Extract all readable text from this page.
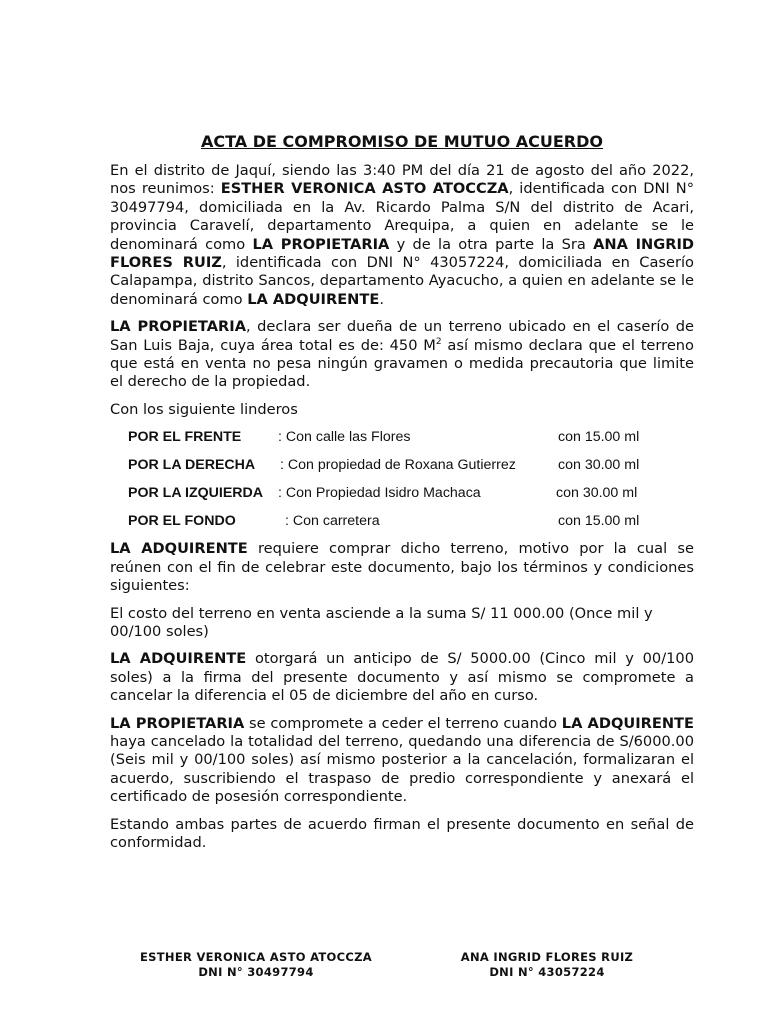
ACTA DE COMPROMISO DE MUTUO ACUERDO

En el distrito de Jaquí, siendo las 3:40 PM del día 21 de agosto del año 2022, nos reunimos: ESTHER VERONICA ASTO ATOCCZA, identificada con DNI N° 30497794, domiciliada en la Av. Ricardo Palma S/N del distrito de Acari, provincia Caravelí, departamento Arequipa, a quien en adelante se le denominará como LA PROPIETARIA y de la otra parte la Sra ANA INGRID FLORES RUIZ, identificada con DNI N° 43057224, domiciliada en Caserío Calapampa, distrito Sancos, departamento Ayacucho, a quien en adelante se le denominará como LA ADQUIRENTE.

LA PROPIETARIA, declara ser dueña de un terreno ubicado en el caserío de San Luis Baja, cuya área total es de: 450 $M^2$ así mismo declara que el terreno que está en venta no pesa ningún gravamen o medida precautoria que limite el derecho de la propiedad.

Con los siguiente linderos

POR EL FRENTE	: Con calle las Flores	con 15.00 ml
POR LA DERECHA : Con propiedad de Roxana Gutierrez	con 30.00 ml
POR LA IZQUIERDA : Con Propiedad Isidro Machaca	con 30.00 ml
POR EL FONDO	: Con carretera	con 15.00 ml

LA ADQUIRENTE requiere comprar dicho terreno, motivo por la cual se reúnen con el fin de celebrar este documento, bajo los términos y condiciones siguientes:

El costo del terreno en venta asciende a la suma S/ 11 000.00 (Once mil y 00/100 soles)

LA ADQUIRENTE otorgará un anticipo de S/ 5000.00 (Cinco mil y 00/100 soles) a la firma del presente documento y así mismo se compromete a cancelar la diferencia el 05 de diciembre del año en curso.

LA PROPIETARIA se compromete a ceder el terreno cuando LA ADQUIRENTE haya cancelado la totalidad del terreno, quedando una diferencia de S/6000.00 (Seis mil y 00/100 soles) así mismo posterior a la cancelación, formalizaran el acuerdo, suscribiendo el traspaso de predio correspondiente y anexará el certificado de posesión correspondiente.

Estando ambas partes de acuerdo firman el presente documento en señal de conformidad.

ESTHER VERONICA ASTO ATOCCZA
DNI N° 30497794
ANA INGRID FLORES RUIZ
DNI N° 43057224
